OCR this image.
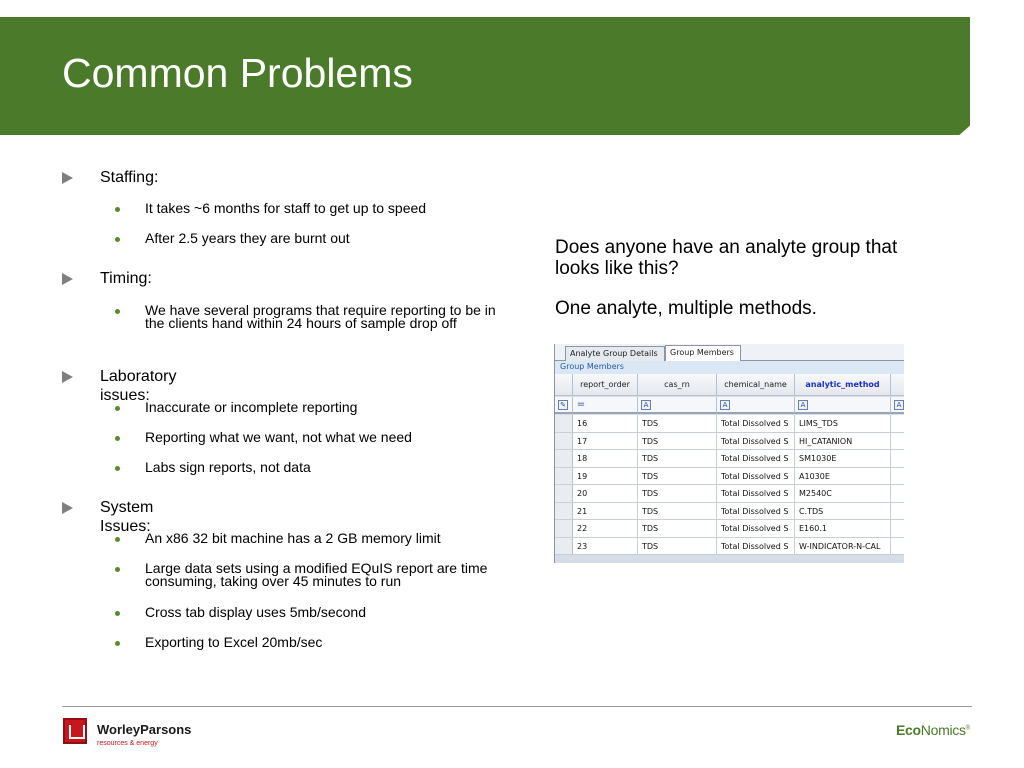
Common Problems
Staffing:
It takes ~6 months for staff to get up to speed
After 2.5 years they are burnt out
Timing:
We have several programs that require reporting to be in the clients hand within 24 hours of sample drop off
Laboratory issues:
Inaccurate or incomplete reporting
Reporting what we want, not what we need
Labs sign reports, not data
System Issues:
An x86 32 bit machine has a 2 GB memory limit
Large data sets using a modified EQuIS report are time consuming, taking over 45 minutes to run
Cross tab display uses 5mb/second
Exporting to Excel 20mb/sec
Does anyone have an analyte group that looks like this?
One analyte, multiple methods.
Analyte Group Details	Group Members
Group Members
report_order	cas_rn	chemical_name	analytic_method
✎ =	A	A	A	A
16	TDS	Total Dissolved S	LIMS_TDS
17	TDS	Total Dissolved S	HI_CATANION
18	TDS	Total Dissolved S	SM1030E
19	TDS	Total Dissolved S	A1030E
20	TDS	Total Dissolved S	M2540C
21	TDS	Total Dissolved S	C.TDS
22	TDS	Total Dissolved S	E160.1
23	TDS	Total Dissolved S	W-INDICATOR-N-CAL
WorleyParsons
resources & energy
EcoNomics®
